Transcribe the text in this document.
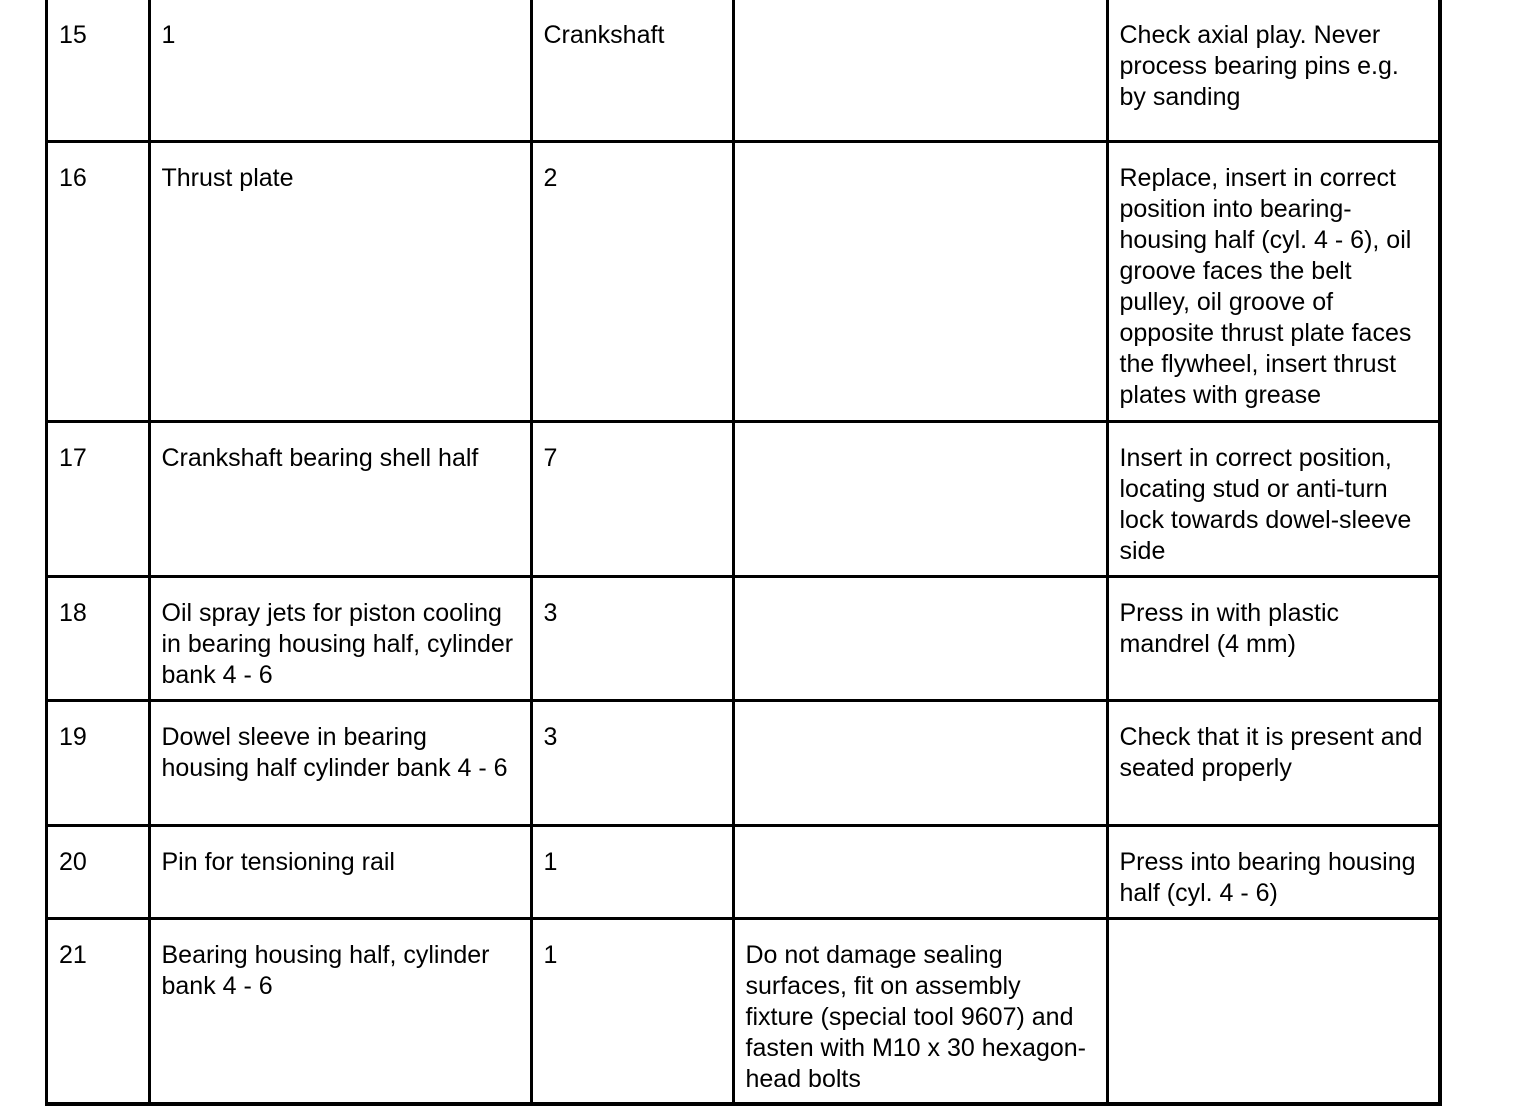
15	1	Crankshaft		Check axial play. Never process bearing pins e.g. by sanding
16	Thrust plate	2		Replace, insert in correct position into bearing-housing half (cyl. 4 - 6), oil groove faces the belt pulley, oil groove of opposite thrust plate faces the flywheel, insert thrust plates with grease
17	Crankshaft bearing shell half	7		Insert in correct position, locating stud or anti-turn lock towards dowel-sleeve side
18	Oil spray jets for piston cooling in bearing housing half, cylinder bank 4 - 6	3		Press in with plastic mandrel (4 mm)
19	Dowel sleeve in bearing housing half cylinder bank 4 - 6	3		Check that it is present and seated properly
20	Pin for tensioning rail	1		Press into bearing housing half (cyl. 4 - 6)
21	Bearing housing half, cylinder bank 4 - 6	1	Do not damage sealing surfaces, fit on assembly fixture (special tool 9607) and fasten with M10 x 30 hexagon-head bolts	
